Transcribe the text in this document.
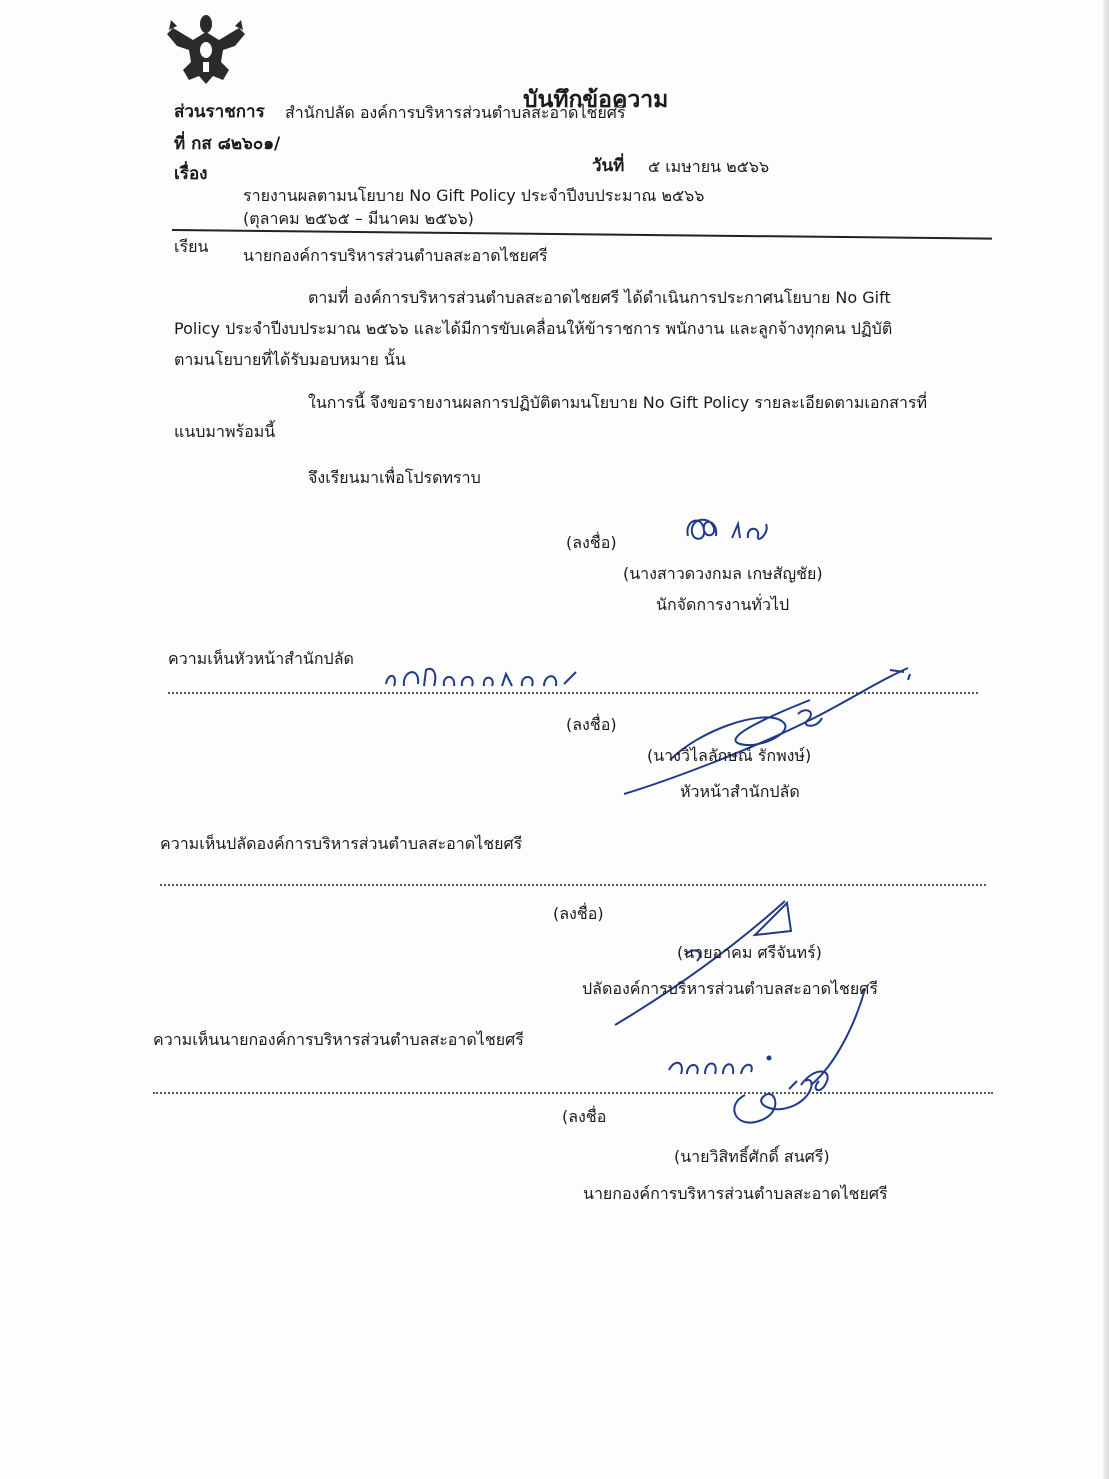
บันทึกข้อความ
ส่วนราชการ สำนักปลัด องค์การบริหารส่วนตำบลสะอาดไชยศรี
ที่ กส ๘๒๖๐๑/
วันที่ ๕ เมษายน ๒๕๖๖
เรื่อง
รายงานผลตามนโยบาย No Gift Policy ประจำปีงบประมาณ ๒๕๖๖
(ตุลาคม ๒๕๖๕ – มีนาคม ๒๕๖๖)
เรียน นายกองค์การบริหารส่วนตำบลสะอาดไชยศรี
ตามที่ องค์การบริหารส่วนตำบลสะอาดไชยศรี ได้ดำเนินการประกาศนโยบาย No Gift
Policy ประจำปีงบประมาณ ๒๕๖๖ และได้มีการขับเคลื่อนให้ข้าราชการ พนักงาน และลูกจ้างทุกคน ปฏิบัติ
ตามนโยบายที่ได้รับมอบหมาย นั้น
ในการนี้ จึงขอรายงานผลการปฏิบัติตามนโยบาย No Gift Policy รายละเอียดตามเอกสารที่
แนบมาพร้อมนี้
จึงเรียนมาเพื่อโปรดทราบ
(ลงชื่อ)
(นางสาวดวงกมล เกษสัญชัย)
นักจัดการงานทั่วไป
ความเห็นหัวหน้าสำนักปลัด
(ลงชื่อ)
(นางวิไลลักษณ์ รักพงษ์)
หัวหน้าสำนักปลัด
ความเห็นปลัดองค์การบริหารส่วนตำบลสะอาดไชยศรี
(ลงชื่อ)
(นายอาคม ศรีจันทร์)
ปลัดองค์การบริหารส่วนตำบลสะอาดไชยศรี
ความเห็นนายกองค์การบริหารส่วนตำบลสะอาดไชยศรี
(ลงชื่อ
(นายวิสิทธิ์ศักดิ์ สนศรี)
นายกองค์การบริหารส่วนตำบลสะอาดไชยศรี
